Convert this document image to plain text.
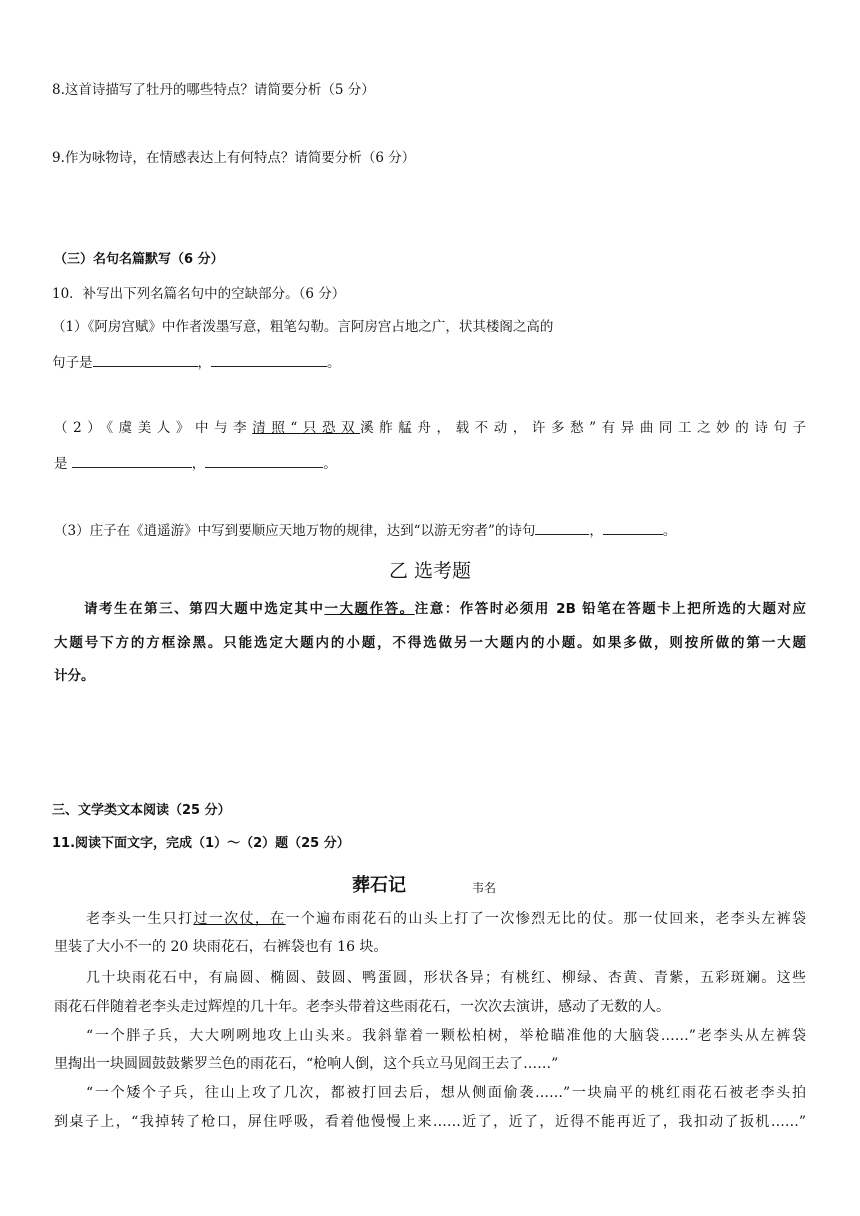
8.这首诗描写了牡丹的哪些特点？请简要分析（5 分）
9.作为咏物诗，在情感表达上有何特点？请简要分析（6 分）
（三）名句名篇默写（6 分）
10．补写出下列名篇名句中的空缺部分。（6 分）
（1）《阿房宫赋》中作者泼墨写意，粗笔勾勒。言阿房宫占地之广，状其楼阁之高的
句子是	，	。
（2）《虞美人》中与李清照“只恐双溪舴艋舟，载不动，许多愁”有异曲同工之妙的诗句子
是	，	。
（3）庄子在《逍遥游》中写到要顺应天地万物的规律，达到“以游无穷者”的诗句	，	。
乙 选考题
请考生在第三、第四大题中选定其中一大题作答。注意：作答时必须用 2B 铅笔在答题卡上把所选的大题对应
大题号下方的方框涂黑。只能选定大题内的小题，不得选做另一大题内的小题。如果多做，则按所做的第一大题
计分。
三、文学类文本阅读（25 分）
11.阅读下面文字，完成（1）～（2）题（25 分）
葬石记	韦名
老李头一生只打过一次仗，在一个遍布雨花石的山头上打了一次惨烈无比的仗。那一仗回来，老李头左裤袋
里装了大小不一的 20 块雨花石，右裤袋也有 16 块。
几十块雨花石中，有扁圆、椭圆、鼓圆、鸭蛋圆，形状各异；有桃红、柳绿、杏黄、青紫，五彩斑斓。这些
雨花石伴随着老李头走过辉煌的几十年。老李头带着这些雨花石，一次次去演讲，感动了无数的人。
“一个胖子兵，大大咧咧地攻上山头来。我斜靠着一颗松柏树，举枪瞄准他的大脑袋……”老李头从左裤袋
里掏出一块圆圆鼓鼓紫罗兰色的雨花石，“枪响人倒，这个兵立马见阎王去了……”
“一个矮个子兵，往山上攻了几次，都被打回去后，想从侧面偷袭……”一块扁平的桃红雨花石被老李头拍
到桌子上，“我掉转了枪口，屏住呼吸，看着他慢慢上来……近了，近了，近得不能再近了，我扣动了扳机……”
